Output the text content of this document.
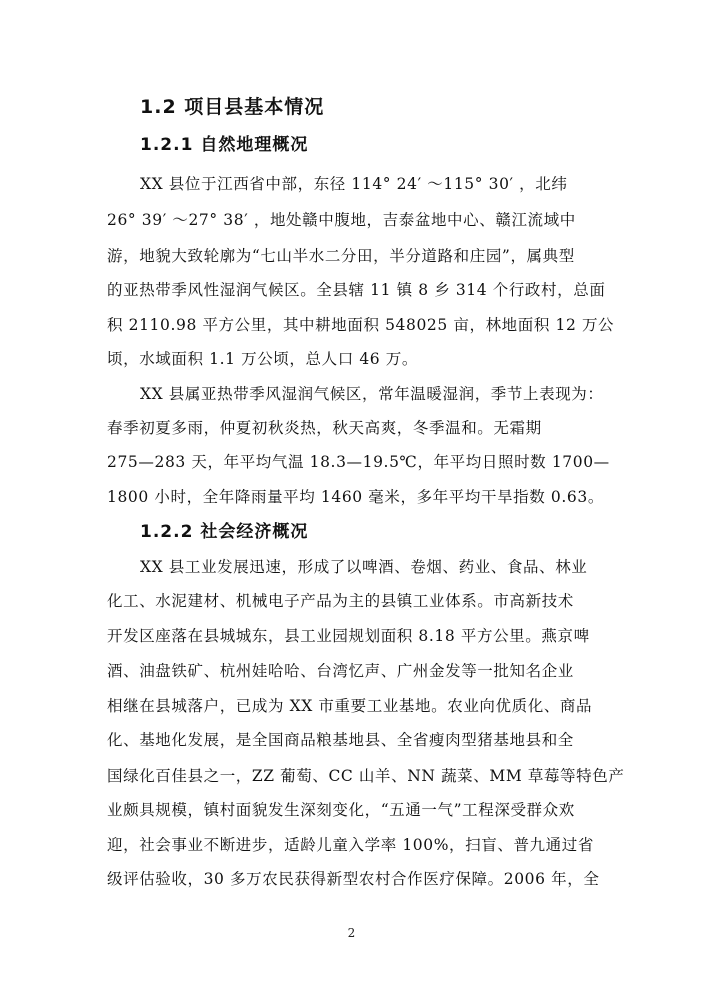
1.2 项目县基本情况
1.2.1 自然地理概况
XX 县位于江西省中部，东径 114° 24′ ～115° 30′ ，北纬
26° 39′ ～27° 38′ ，地处赣中腹地，吉泰盆地中心、赣江流域中
游，地貌大致轮廓为“七山半水二分田，半分道路和庄园”，属典型
的亚热带季风性湿润气候区。全县辖 11 镇 8 乡 314 个行政村，总面
积 2110.98 平方公里，其中耕地面积 548025 亩，林地面积 12 万公
顷，水域面积 1.1 万公顷，总人口 46 万。
XX 县属亚热带季风湿润气候区，常年温暖湿润，季节上表现为：
春季初夏多雨，仲夏初秋炎热，秋天高爽，冬季温和。无霜期
275—283 天，年平均气温 18.3—19.5℃，年平均日照时数 1700—
1800 小时，全年降雨量平均 1460 毫米，多年平均干旱指数 0.63。
1.2.2 社会经济概况
XX 县工业发展迅速，形成了以啤酒、卷烟、药业、食品、林业
化工、水泥建材、机械电子产品为主的县镇工业体系。市高新技术
开发区座落在县城城东，县工业园规划面积 8.18 平方公里。燕京啤
酒、油盘铁矿、杭州娃哈哈、台湾忆声、广州金发等一批知名企业
相继在县城落户，已成为 XX 市重要工业基地。农业向优质化、商品
化、基地化发展，是全国商品粮基地县、全省瘦肉型猪基地县和全
国绿化百佳县之一，ZZ 葡萄、CC 山羊、NN 蔬菜、MM 草莓等特色产
业颇具规模，镇村面貌发生深刻变化，“五通一气”工程深受群众欢
迎，社会事业不断进步，适龄儿童入学率 100%，扫盲、普九通过省
级评估验收，30 多万农民获得新型农村合作医疗保障。2006 年，全
2
